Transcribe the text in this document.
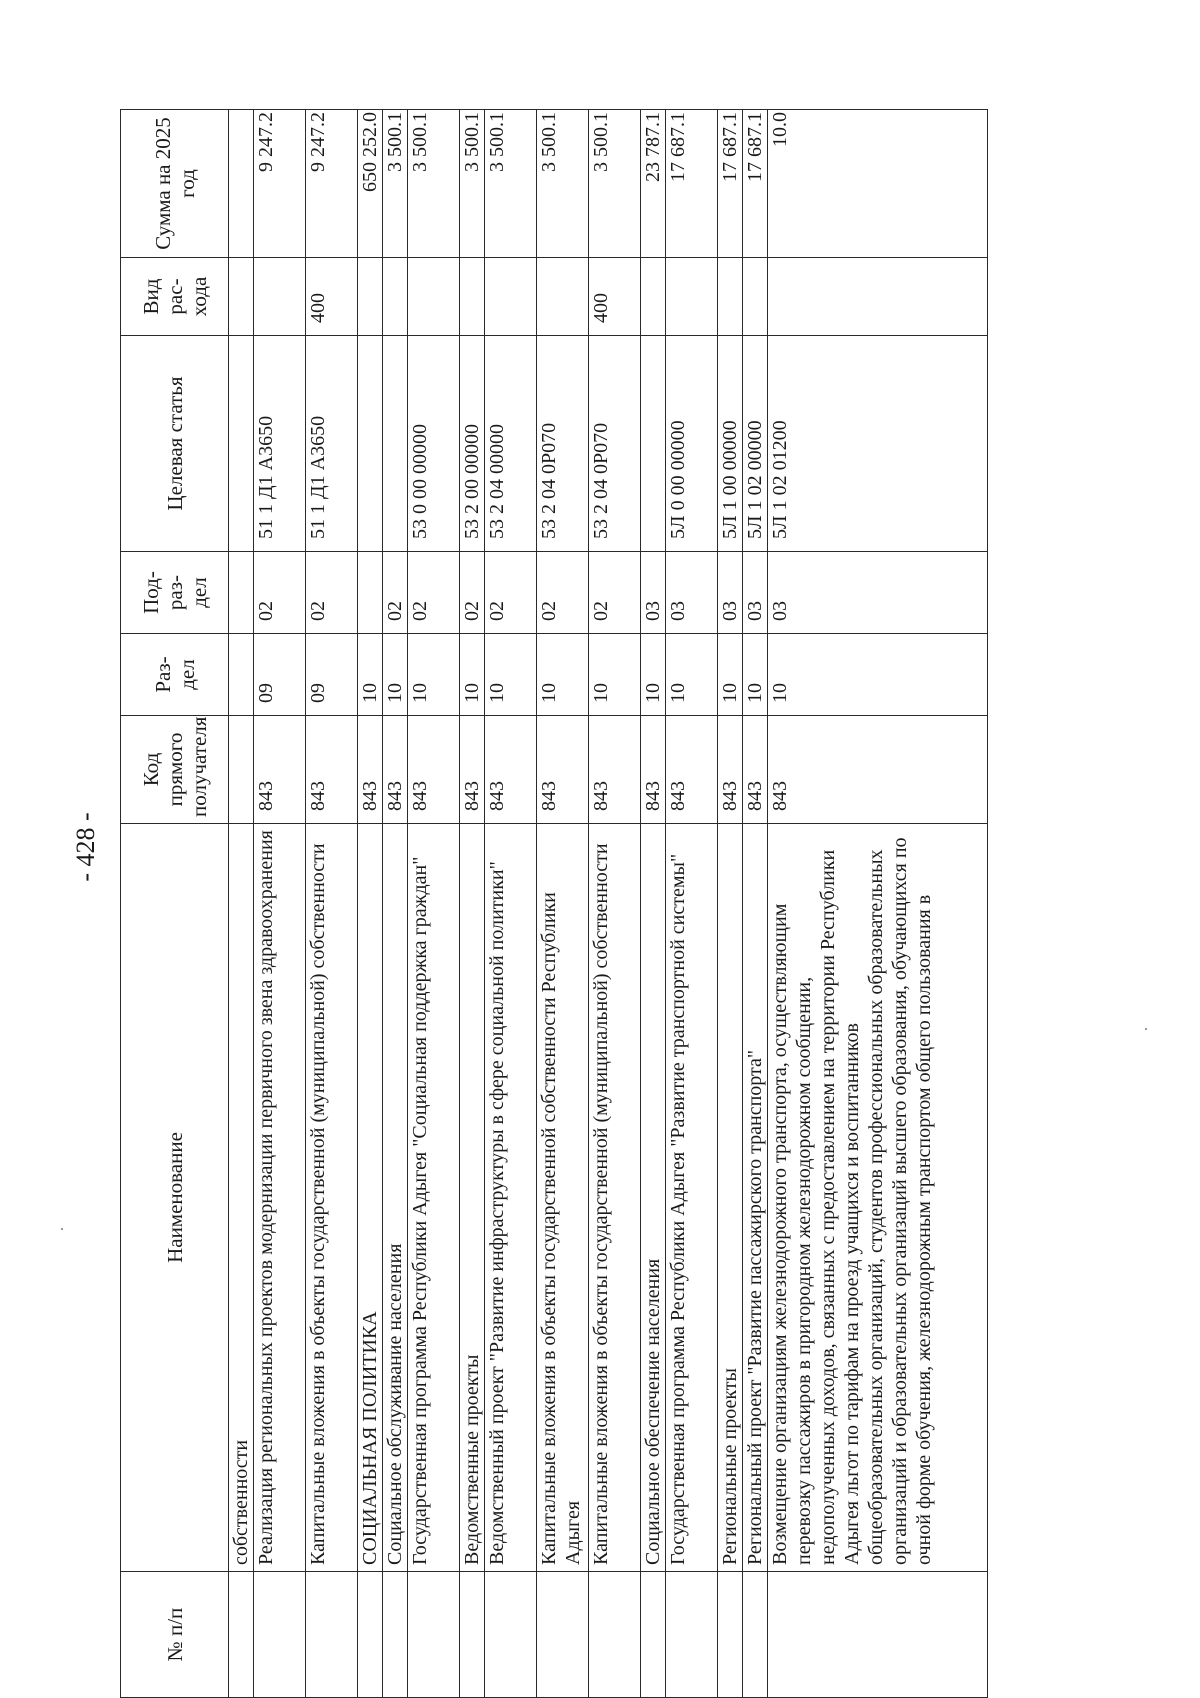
- 428 -
№ п/п	Наименование	Код прямого получателя	Раз- дел	Под- раз- дел	Целевая статья	Вид рас- хода	Сумма на 2025 год
	собственности						
	Реализация региональных проектов модернизации первичного звена здравоохранения	843	09	02	51 1 Д1 А3650		9 247.2
	Капитальные вложения в объекты государственной (муниципальной) собственности	843	09	02	51 1 Д1 А3650	400	9 247.2
	СОЦИАЛЬНАЯ ПОЛИТИКА	843	10				650 252.0
	Социальное обслуживание населения	843	10	02			3 500.1
	Государственная программа Республики Адыгея "Социальная поддержка граждан"	843	10	02	53 0 00 00000		3 500.1
	Ведомственные проекты	843	10	02	53 2 00 00000		3 500.1
	Ведомственный проект "Развитие инфраструктуры в сфере социальной политики"	843	10	02	53 2 04 00000		3 500.1
	Капитальные вложения в объекты государственной собственности Республики Адыгея	843	10	02	53 2 04 0Р070		3 500.1
	Капитальные вложения в объекты государственной (муниципальной) собственности	843	10	02	53 2 04 0Р070	400	3 500.1
	Социальное обеспечение населения	843	10	03			23 787.1
	Государственная программа Республики Адыгея "Развитие транспортной системы"	843	10	03	5Л 0 00 00000		17 687.1
	Региональные проекты	843	10	03	5Л 1 00 00000		17 687.1
	Региональный проект "Развитие пассажирского транспорта"	843	10	03	5Л 1 02 00000		17 687.1
	Возмещение организациям железнодорожного транспорта, осуществляющим перевозку пассажиров в пригородном железнодорожном сообщении, недополученных доходов, связанных с предоставлением на территории Республики Адыгея льгот по тарифам на проезд учащихся и воспитанников общеобразовательных организаций, студентов профессиональных образовательных организаций и образовательных организаций высшего образования, обучающихся по очной форме обучения, железнодорожным транспортом общего пользования в	843	10	03	5Л 1 02 01200		10.0
